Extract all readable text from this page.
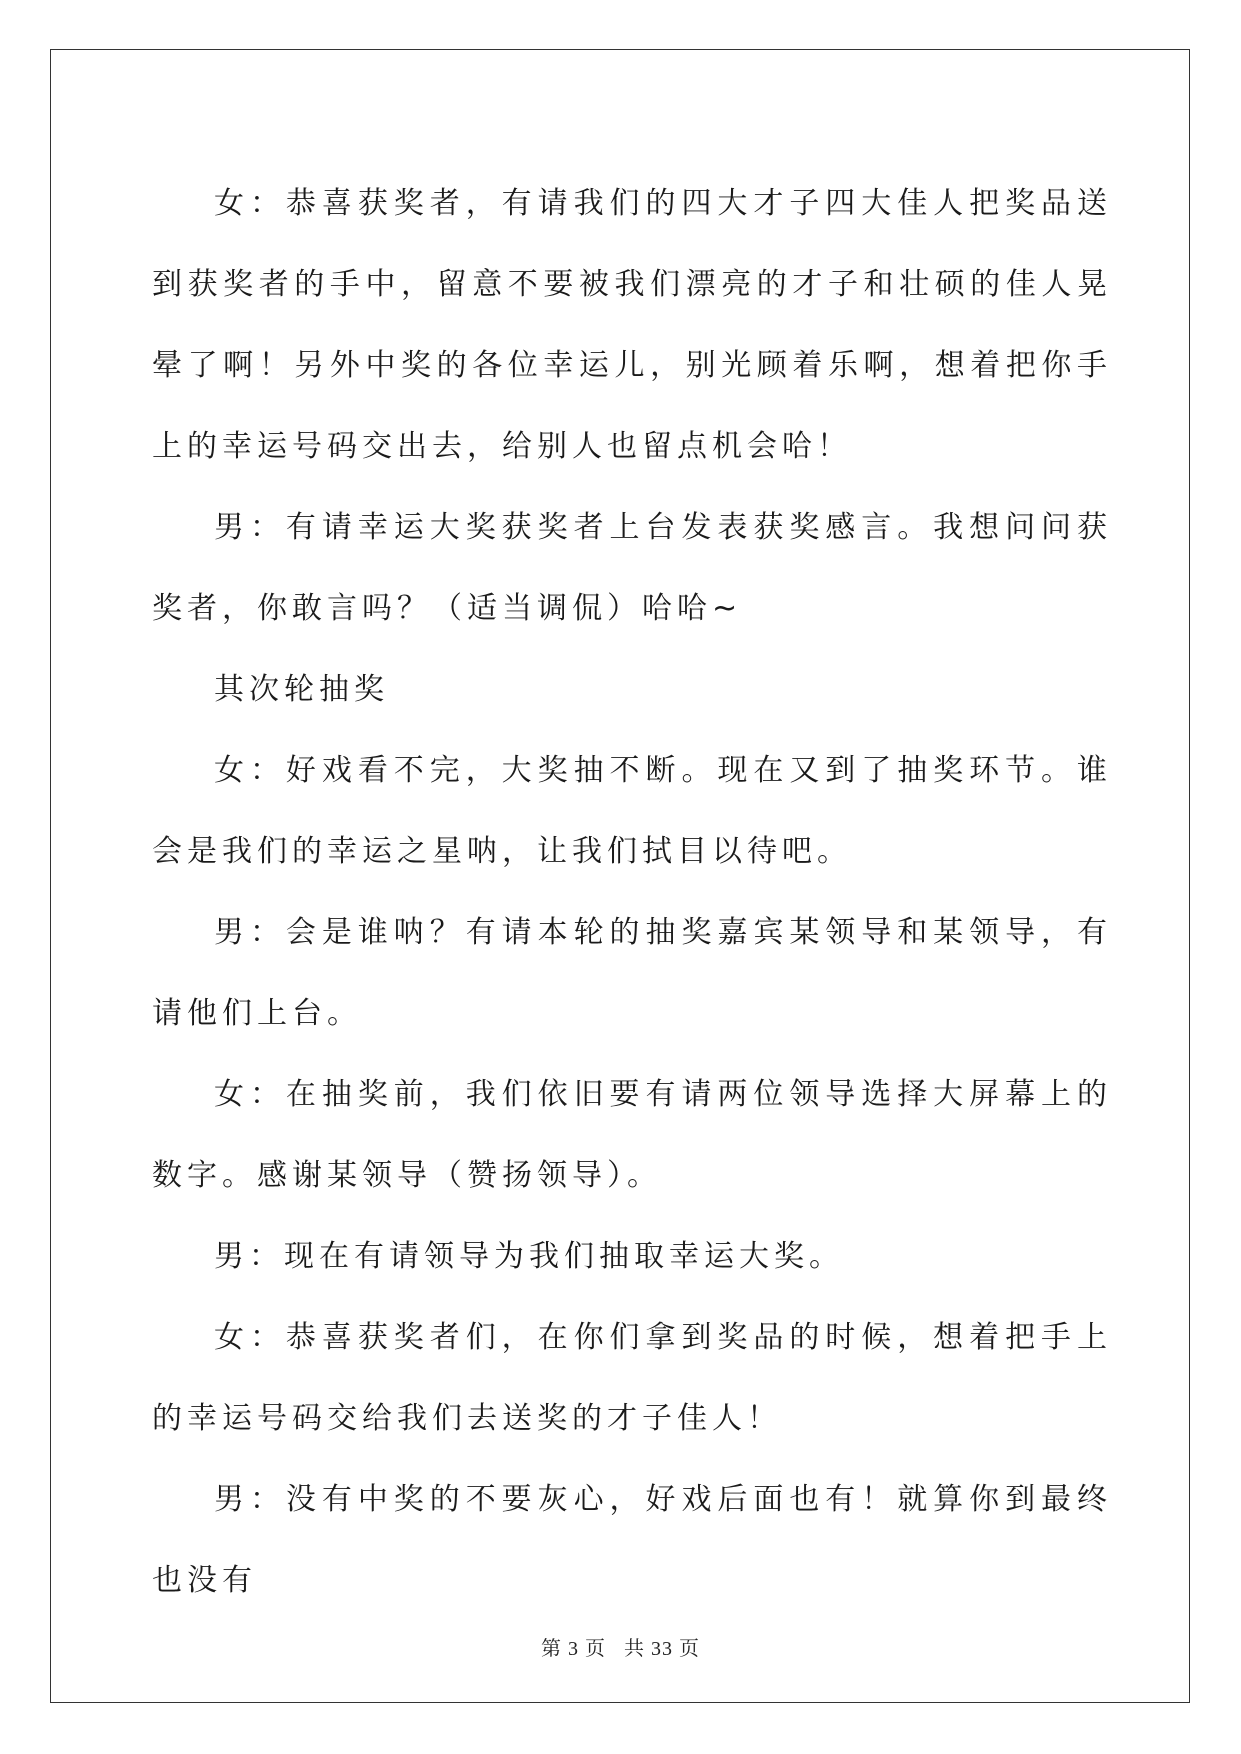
女：恭喜获奖者，有请我们的四大才子四大佳人把奖品送到获奖者的手中，留意不要被我们漂亮的才子和壮硕的佳人晃晕了啊！另外中奖的各位幸运儿，别光顾着乐啊，想着把你手上的幸运号码交出去，给别人也留点机会哈！

男：有请幸运大奖获奖者上台发表获奖感言。我想问问获奖者，你敢言吗？（适当调侃）哈哈~

其次轮抽奖

女：好戏看不完，大奖抽不断。现在又到了抽奖环节。谁会是我们的幸运之星呐，让我们拭目以待吧。

男：会是谁呐？有请本轮的抽奖嘉宾某领导和某领导，有请他们上台。

女：在抽奖前，我们依旧要有请两位领导选择大屏幕上的数字。感谢某领导（赞扬领导）。

男：现在有请领导为我们抽取幸运大奖。

女：恭喜获奖者们，在你们拿到奖品的时候，想着把手上的幸运号码交给我们去送奖的才子佳人！

男：没有中奖的不要灰心，好戏后面也有！就算你到最终也没有

第 3 页 共 33 页
